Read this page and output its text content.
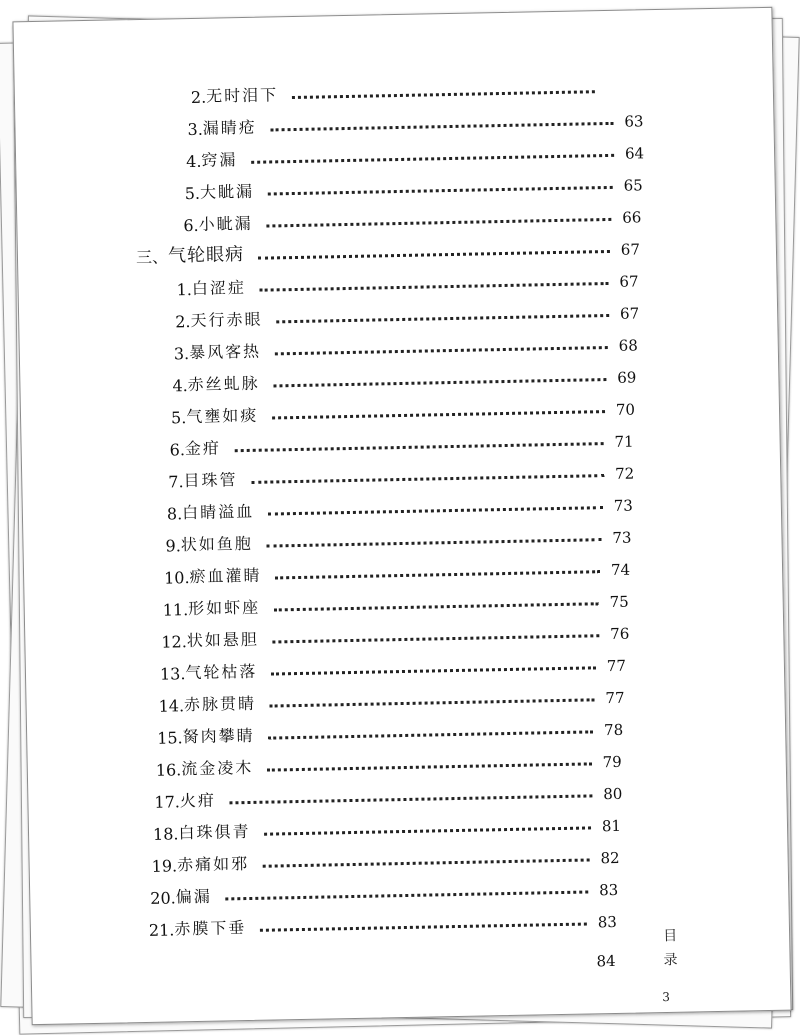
2. 无时泪下
3. 漏睛疮	63
4. 窍漏	64
5. 大眦漏	65
6. 小眦漏	66
三、 气轮眼病	67
1. 白涩症	67
2. 天行赤眼	67
3. 暴风客热	68
4. 赤丝虬脉	69
5. 气壅如痰	70
6. 金疳	71
7. 目珠管	72
8. 白睛溢血	73
9. 状如鱼胞	73
10. 瘀血灌睛	74
11. 形如虾座	75
12. 状如悬胆	76
13. 气轮枯落	77
14. 赤脉贯睛	77
15. 胬肉攀睛	78
16. 流金凌木	79
17. 火疳	80
18. 白珠俱青	81
19. 赤痛如邪	82
20. 偏漏	83
21. 赤膜下垂	83
84	目录
3
